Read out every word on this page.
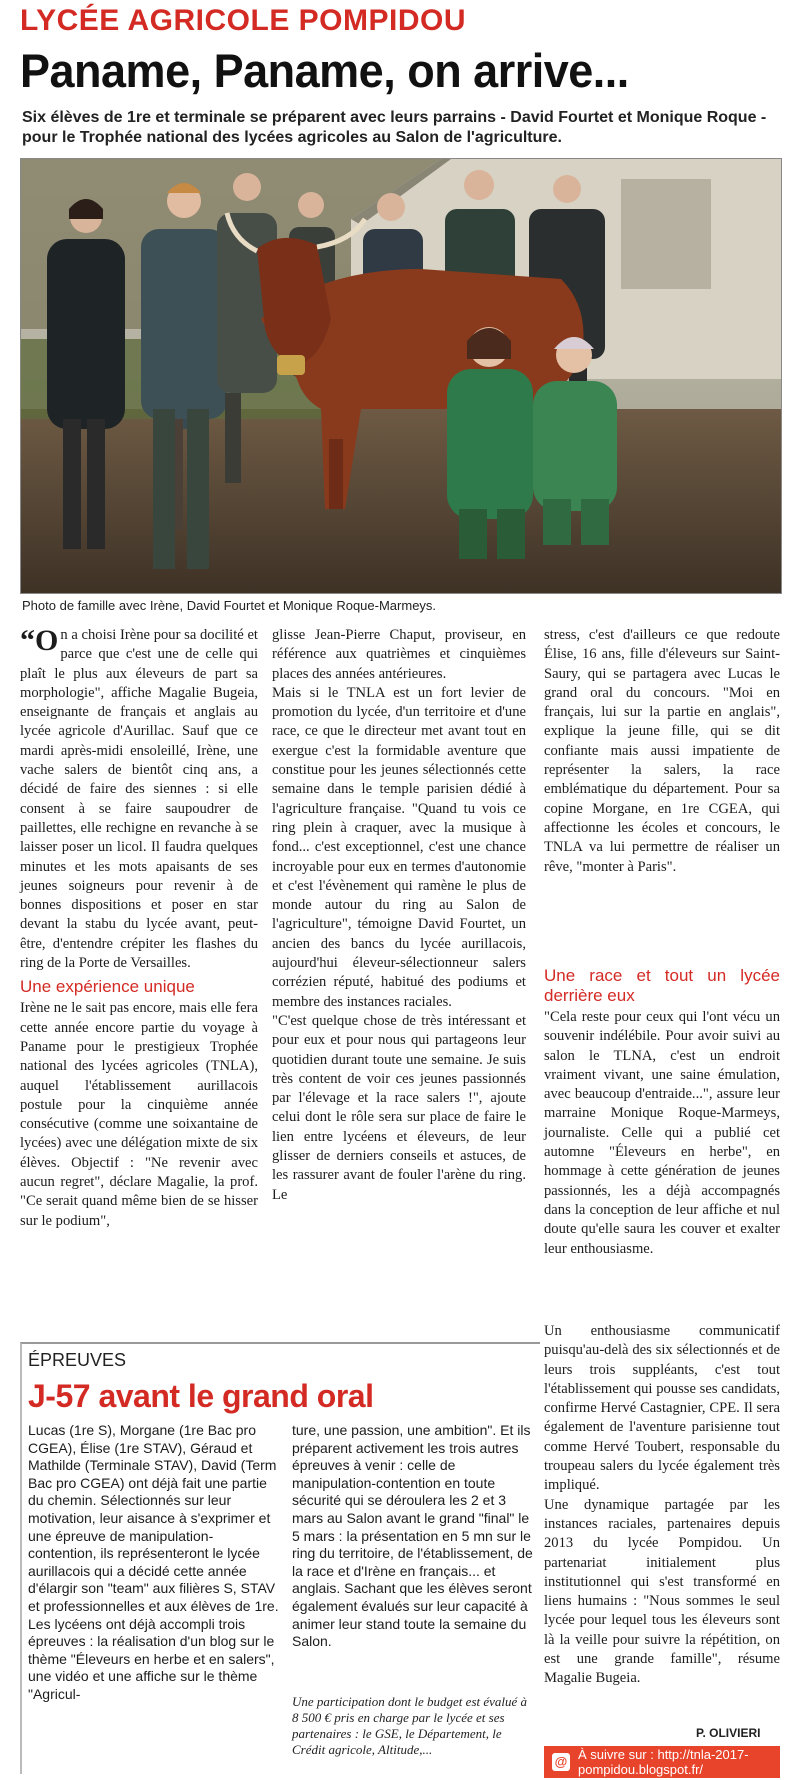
LYCÉE AGRICOLE POMPIDOU
Paname, Paname, on arrive...
Six élèves de 1re et terminale se préparent avec leurs parrains - David Fourtet et Monique Roque - pour le Trophée national des lycées agricoles au Salon de l'agriculture.
Photo de famille avec Irène, David Fourtet et Monique Roque-Marmeys.

“On a choisi Irène pour sa docilité et parce que c'est une de celle qui plaît le plus aux éleveurs de part sa morphologie", affiche Magalie Bugeia, enseignante de français et anglais au lycée agricole d'Aurillac. Sauf que ce mardi après-midi ensoleillé, Irène, une vache salers de bientôt cinq ans, a décidé de faire des siennes : si elle consent à se faire saupoudrer de paillettes, elle rechigne en revanche à se laisser poser un licol. Il faudra quelques minutes et les mots apaisants de ses jeunes soigneurs pour revenir à de bonnes dispositions et poser en star devant la stabu du lycée avant, peut-être, d'entendre crépiter les flashes du ring de la Porte de Versailles.

Une expérience unique

Irène ne le sait pas encore, mais elle fera cette année encore partie du voyage à Paname pour le prestigieux Trophée national des lycées agricoles (TNLA), auquel l'établissement aurillacois postule pour la cinquième année consécutive (comme une soixantaine de lycées) avec une délégation mixte de six élèves. Objectif : "Ne revenir avec aucun regret", déclare Magalie, la prof. "Ce serait quand même bien de se hisser sur le podium",

glisse Jean-Pierre Chaput, proviseur, en référence aux quatrièmes et cinquièmes places des années antérieures.

Mais si le TNLA est un fort levier de promotion du lycée, d'un territoire et d'une race, ce que le directeur met avant tout en exergue c'est la formidable aventure que constitue pour les jeunes sélectionnés cette semaine dans le temple parisien dédié à l'agriculture française. "Quand tu vois ce ring plein à craquer, avec la musique à fond... c'est exceptionnel, c'est une chance incroyable pour eux en termes d'autonomie et c'est l'évènement qui ramène le plus de monde autour du ring au Salon de l'agriculture", témoigne David Fourtet, un ancien des bancs du lycée aurillacois, aujourd'hui éleveur-sélectionneur salers corrézien réputé, habitué des podiums et membre des instances raciales.

"C'est quelque chose de très intéressant et pour eux et pour nous qui partageons leur quotidien durant toute une semaine. Je suis très content de voir ces jeunes passionnés par l'élevage et la race salers !", ajoute celui dont le rôle sera sur place de faire le lien entre lycéens et éleveurs, de leur glisser de derniers conseils et astuces, de les rassurer avant de fouler l'arène du ring. Le

stress, c'est d'ailleurs ce que redoute Élise, 16 ans, fille d'éleveurs sur Saint-Saury, qui se partagera avec Lucas le grand oral du concours. "Moi en français, lui sur la partie en anglais", explique la jeune fille, qui se dit confiante mais aussi impatiente de représenter la salers, la race emblématique du département. Pour sa copine Morgane, en 1re CGEA, qui affectionne les écoles et concours, le TNLA va lui permettre de réaliser un rêve, "monter à Paris".

Une race et tout un lycée derrière eux

"Cela reste pour ceux qui l'ont vécu un souvenir indélébile. Pour avoir suivi au salon le TLNA, c'est un endroit vraiment vivant, une saine émulation, avec beaucoup d'entraide...", assure leur marraine Monique Roque-Marmeys, journaliste. Celle qui a publié cet automne "Éleveurs en herbe", en hommage à cette génération de jeunes passionnés, les a déjà accompagnés dans la conception de leur affiche et nul doute qu'elle saura les couver et exalter leur enthousiasme.

Un enthousiasme communicatif puisqu'au-delà des six sélectionnés et de leurs trois suppléants, c'est tout l'établissement qui pousse ses candidats, confirme Hervé Castagnier, CPE. Il sera également de l'aventure parisienne tout comme Hervé Toubert, responsable du troupeau salers du lycée également très impliqué.

Une dynamique partagée par les instances raciales, partenaires depuis 2013 du lycée Pompidou. Un partenariat initialement plus institutionnel qui s'est transformé en liens humains : "Nous sommes le seul lycée pour lequel tous les éleveurs sont là la veille pour suivre la répétition, on est une grande famille", résume Magalie Bugeia.

ÉPREUVES
J-57 avant le grand oral
Lucas (1re S), Morgane (1re Bac pro CGEA), Élise (1re STAV), Géraud et Mathilde (Terminale STAV), David (Term Bac pro CGEA) ont déjà fait une partie du chemin. Sélectionnés sur leur motivation, leur aisance à s'exprimer et une épreuve de manipulation-contention, ils représenteront le lycée aurillacois qui a décidé cette année d'élargir son "team" aux filières S, STAV et professionnelles et aux élèves de 1re. Les lycéens ont déjà accompli trois épreuves : la réalisation d'un blog sur le thème "Éleveurs en herbe et en salers", une vidéo et une affiche sur le thème "Agricul-
ture, une passion, une ambition". Et ils préparent activement les trois autres épreuves à venir : celle de manipulation-contention en toute sécurité qui se déroulera les 2 et 3 mars au Salon avant le grand "final" le 5 mars : la présentation en 5 mn sur le ring du territoire, de l'établissement, de la race et d'Irène en français... et anglais. Sachant que les élèves seront également évalués sur leur capacité à animer leur stand toute la semaine du Salon.
Une participation dont le budget est évalué à 8 500 € pris en charge par le lycée et ses partenaires : le GSE, le Département, le Crédit agricole, Altitude,...
P. OLIVIERI
@ À suivre sur : http://tnla-2017-pompidou.blogspot.fr/
